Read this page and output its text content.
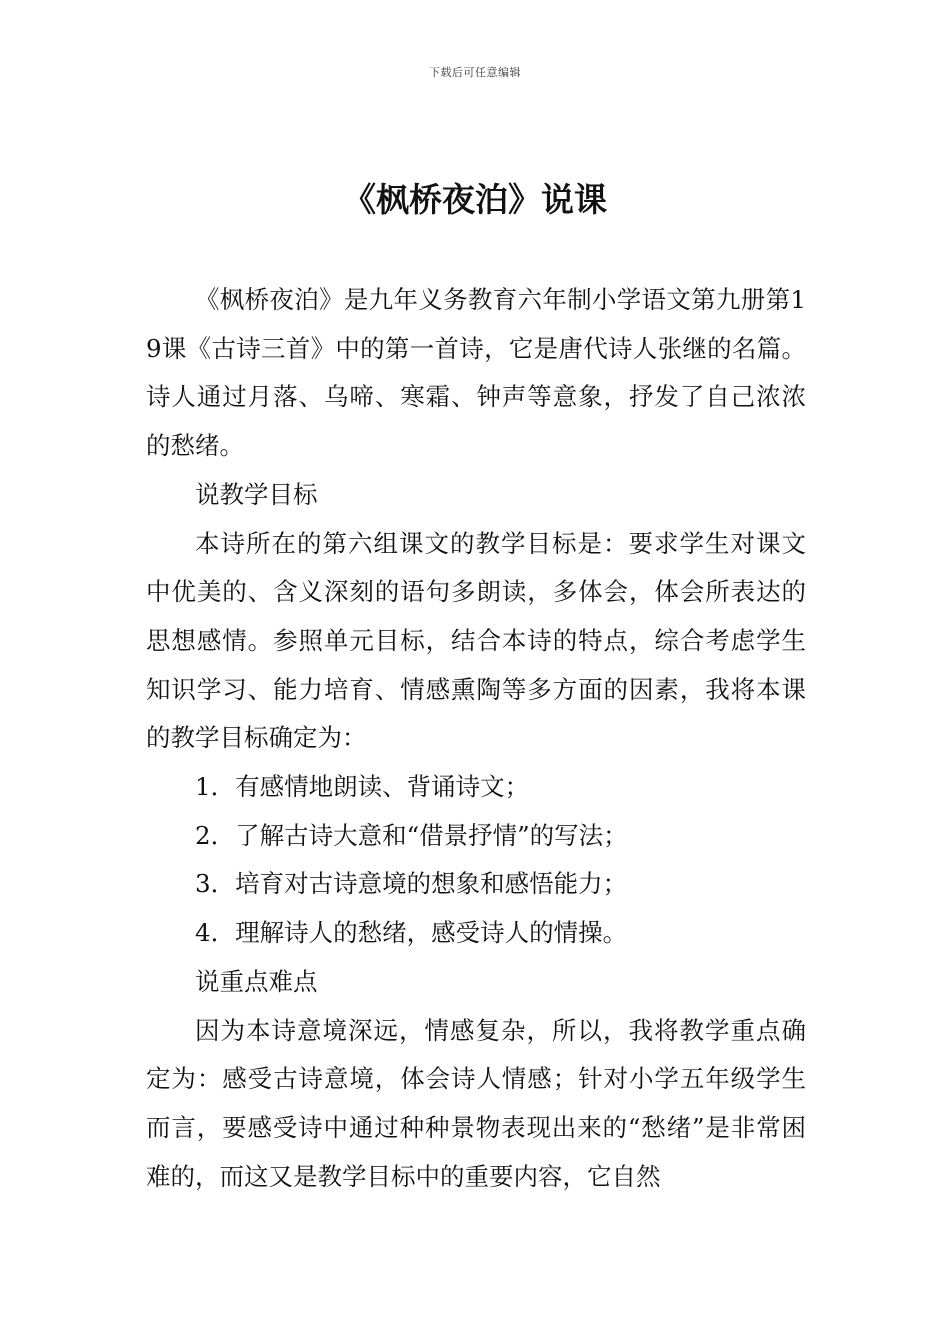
下载后可任意编辑
《枫桥夜泊》说课

《枫桥夜泊》是九年义务教育六年制小学语文第九册第19课《古诗三首》中的第一首诗，它是唐代诗人张继的名篇。诗人通过月落、乌啼、寒霜、钟声等意象，抒发了自己浓浓的愁绪。

说教学目标

本诗所在的第六组课文的教学目标是：要求学生对课文中优美的、含义深刻的语句多朗读，多体会，体会所表达的思想感情。参照单元目标，结合本诗的特点，综合考虑学生知识学习、能力培育、情感熏陶等多方面的因素，我将本课的教学目标确定为：

1．有感情地朗读、背诵诗文；

2．了解古诗大意和“借景抒情”的写法；

3．培育对古诗意境的想象和感悟能力；

4．理解诗人的愁绪，感受诗人的情操。

说重点难点

因为本诗意境深远，情感复杂，所以，我将教学重点确定为：感受古诗意境，体会诗人情感；针对小学五年级学生而言，要感受诗中通过种种景物表现出来的“愁绪”是非常困难的，而这又是教学目标中的重要内容，它自然
